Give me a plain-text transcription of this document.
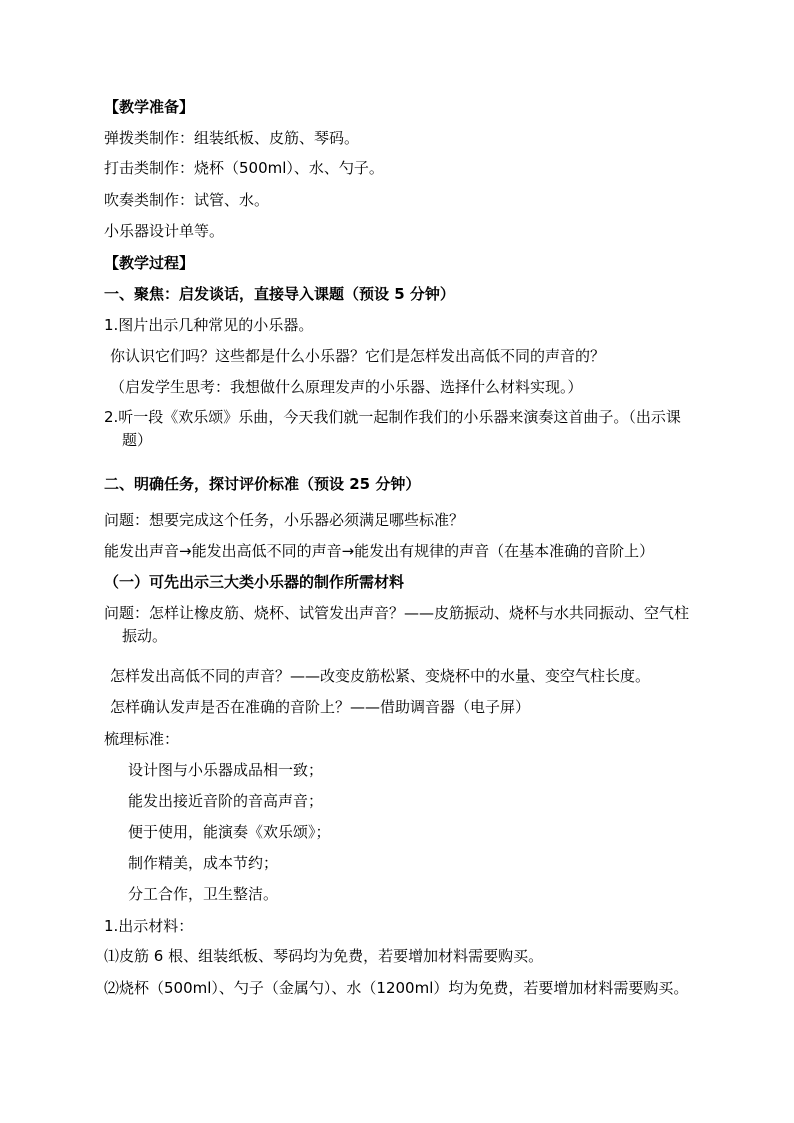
【教学准备】
弹拨类制作：组装纸板、皮筋、琴码。
打击类制作：烧杯（500ml）、水、勺子。
吹奏类制作：试管、水。
小乐器设计单等。
【教学过程】
一、聚焦：启发谈话，直接导入课题（预设 5 分钟）
1.图片出示几种常见的小乐器。
你认识它们吗？这些都是什么小乐器？它们是怎样发出高低不同的声音的？
（启发学生思考：我想做什么原理发声的小乐器、选择什么材料实现。）
2.听一段《欢乐颂》乐曲，今天我们就一起制作我们的小乐器来演奏这首曲子。（出示课
题）
二、明确任务，探讨评价标准（预设 25 分钟）
问题：想要完成这个任务，小乐器必须满足哪些标准？
能发出声音→能发出高低不同的声音→能发出有规律的声音（在基本准确的音阶上）
（一）可先出示三大类小乐器的制作所需材料
问题：怎样让橡皮筋、烧杯、试管发出声音？——皮筋振动、烧杯与水共同振动、空气柱
振动。
怎样发出高低不同的声音？——改变皮筋松紧、变烧杯中的水量、变空气柱长度。
怎样确认发声是否在准确的音阶上？——借助调音器（电子屏）
梳理标准：
设计图与小乐器成品相一致；
能发出接近音阶的音高声音；
便于使用，能演奏《欢乐颂》；
制作精美，成本节约；
分工合作，卫生整洁。
1.出示材料：
⑴皮筋 6 根、组装纸板、琴码均为免费，若要增加材料需要购买。
⑵烧杯（500ml）、勺子（金属勺）、水（1200ml）均为免费，若要增加材料需要购买。
